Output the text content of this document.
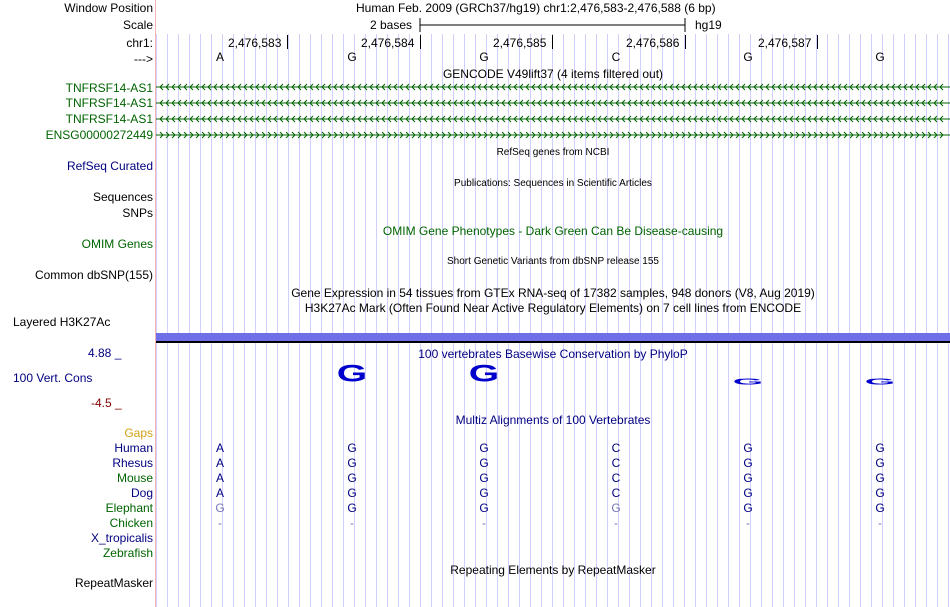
Window Position
Scale
chr1:
--->
TNFRSF14-AS1
TNFRSF14-AS1
TNFRSF14-AS1
ENSG00000272449
RefSeq Curated
Sequences
SNPs
OMIM Genes
Common dbSNP(155)
Layered H3K27Ac
4.88 _
100 Vert. Cons
-4.5 _
Gaps
RepeatMasker
Human Feb. 2009 (GRCh37/hg19) chr1:2,476,583-2,476,588 (6 bp)
2 bases	hg19
2,476,583	2,476,584	2,476,585	2,476,586	2,476,587
A	G	G	C	G	G
GENCODE V49lift37 (4 items filtered out)
RefSeq genes from NCBI
Publications: Sequences in Scientific Articles
OMIM Gene Phenotypes - Dark Green Can Be Disease-causing
Short Genetic Variants from dbSNP release 155
Gene Expression in 54 tissues from GTEx RNA-seq of 17382 samples, 948 donors (V8, Aug 2019)
H3K27Ac Mark (Often Found Near Active Regulatory Elements) on 7 cell lines from ENCODE
100 vertebrates Basewise Conservation by PhyloP
G	G	G	G
Multiz Alignments of 100 Vertebrates
Human	A	G	G	C	G	G
Rhesus	A	G	G	C	G	G
Mouse	A	G	G	C	G	G
Dog	A	G	G	C	G	G
Elephant	G	G	G	G	G	G
Chicken	-	-	-	-	-	-
X_tropicalis
Zebrafish
Repeating Elements by RepeatMasker
